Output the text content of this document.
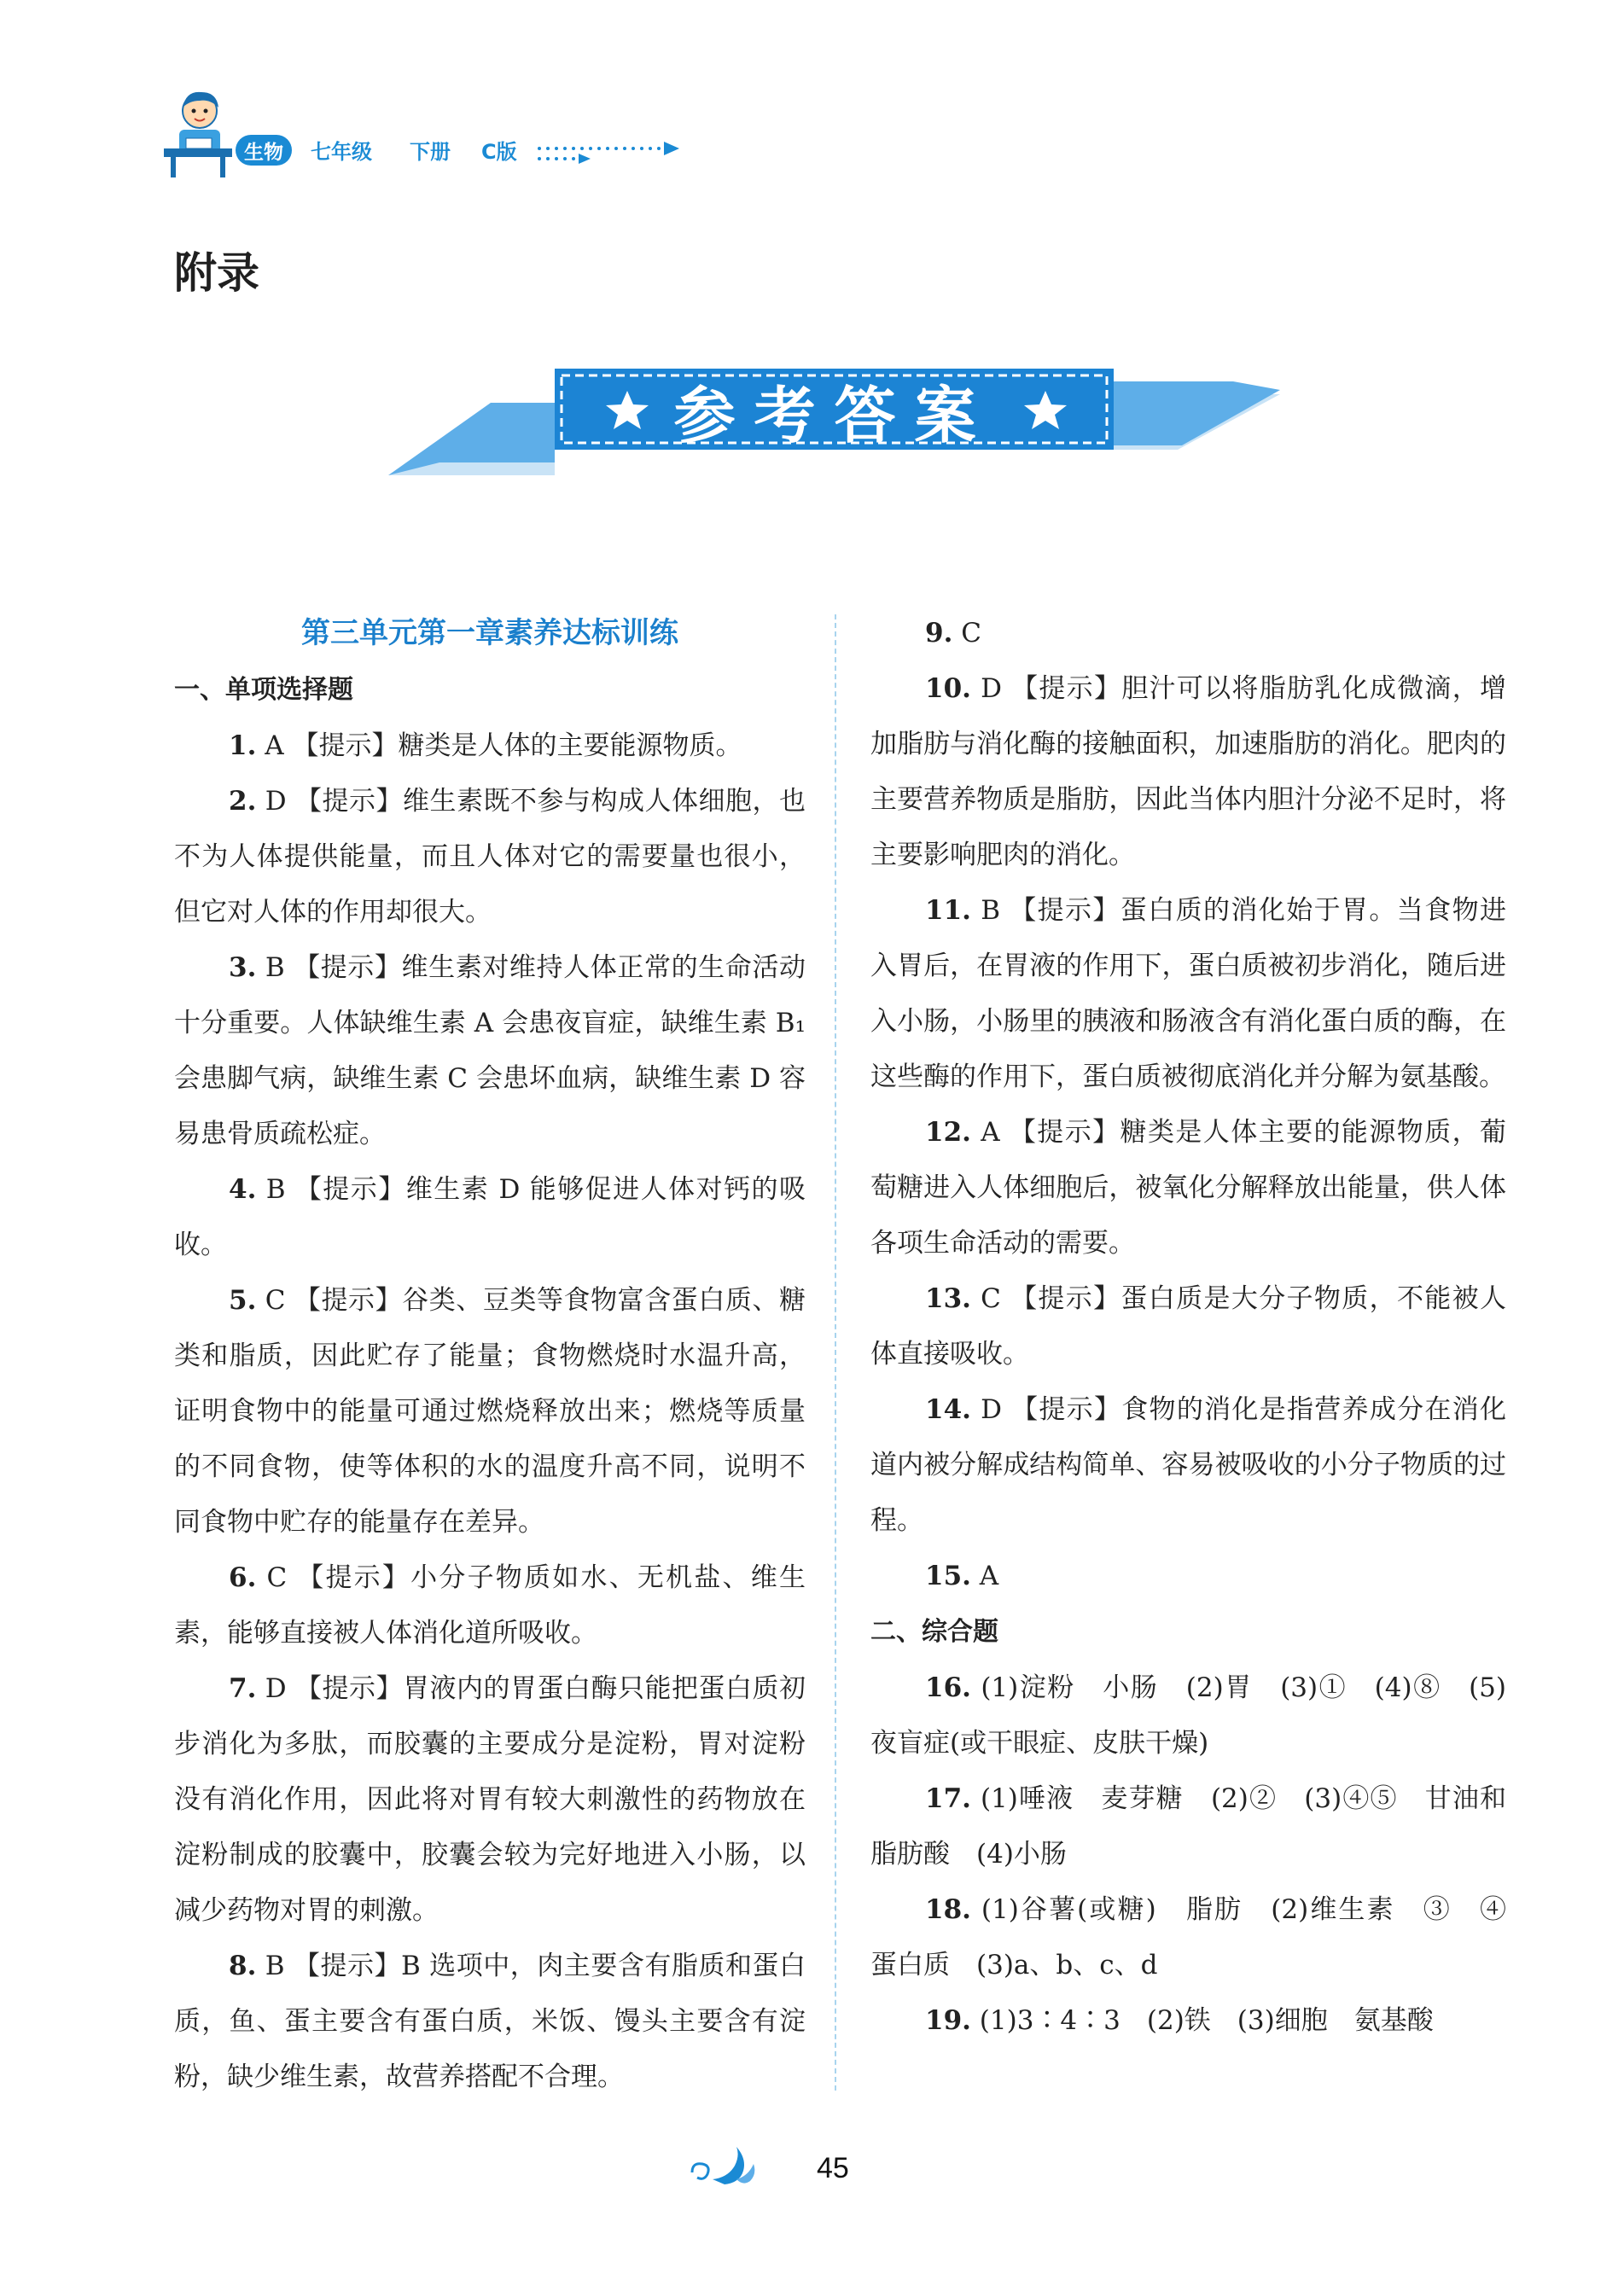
生物	七年级 下册 C版
附录
参考答案
第三单元第一章素养达标训练
一、单项选择题
1. A 【提示】糖类是人体的主要能源物质。
2. D 【提示】维生素既不参与构成人体细胞，也不为人体提供能量，而且人体对它的需要量也很小，但它对人体的作用却很大。
3. B 【提示】维生素对维持人体正常的生命活动十分重要。人体缺维生素 A 会患夜盲症，缺维生素 B₁ 会患脚气病，缺维生素 C 会患坏血病，缺维生素 D 容易患骨质疏松症。
4. B 【提示】维生素 D 能够促进人体对钙的吸收。
5. C 【提示】谷类、豆类等食物富含蛋白质、糖类和脂质，因此贮存了能量；食物燃烧时水温升高，证明食物中的能量可通过燃烧释放出来；燃烧等质量的不同食物，使等体积的水的温度升高不同，说明不同食物中贮存的能量存在差异。
6. C 【提示】小分子物质如水、无机盐、维生素，能够直接被人体消化道所吸收。
7. D 【提示】胃液内的胃蛋白酶只能把蛋白质初步消化为多肽，而胶囊的主要成分是淀粉，胃对淀粉没有消化作用，因此将对胃有较大刺激性的药物放在淀粉制成的胶囊中，胶囊会较为完好地进入小肠，以减少药物对胃的刺激。
8. B 【提示】B 选项中，肉主要含有脂质和蛋白质，鱼、蛋主要含有蛋白质，米饭、馒头主要含有淀粉，缺少维生素，故营养搭配不合理。
9. C
10. D 【提示】胆汁可以将脂肪乳化成微滴，增加脂肪与消化酶的接触面积，加速脂肪的消化。肥肉的主要营养物质是脂肪，因此当体内胆汁分泌不足时，将主要影响肥肉的消化。
11. B 【提示】蛋白质的消化始于胃。当食物进入胃后，在胃液的作用下，蛋白质被初步消化，随后进入小肠，小肠里的胰液和肠液含有消化蛋白质的酶，在这些酶的作用下，蛋白质被彻底消化并分解为氨基酸。
12. A 【提示】糖类是人体主要的能源物质，葡萄糖进入人体细胞后，被氧化分解释放出能量，供人体各项生命活动的需要。
13. C 【提示】蛋白质是大分子物质，不能被人体直接吸收。
14. D 【提示】食物的消化是指营养成分在消化道内被分解成结构简单、容易被吸收的小分子物质的过程。
15. A
二、综合题
16. (1)淀粉　小肠　(2)胃　(3)①　(4)⑧　(5)夜盲症(或干眼症、皮肤干燥)
17. (1)唾液　麦芽糖　(2)②　(3)④⑤　甘油和脂肪酸　(4)小肠
18. (1)谷薯(或糖)　脂肪　(2)维生素　③　④　蛋白质　(3)a、b、c、d
19. (1)3∶4∶3　(2)铁　(3)细胞　氨基酸
45
